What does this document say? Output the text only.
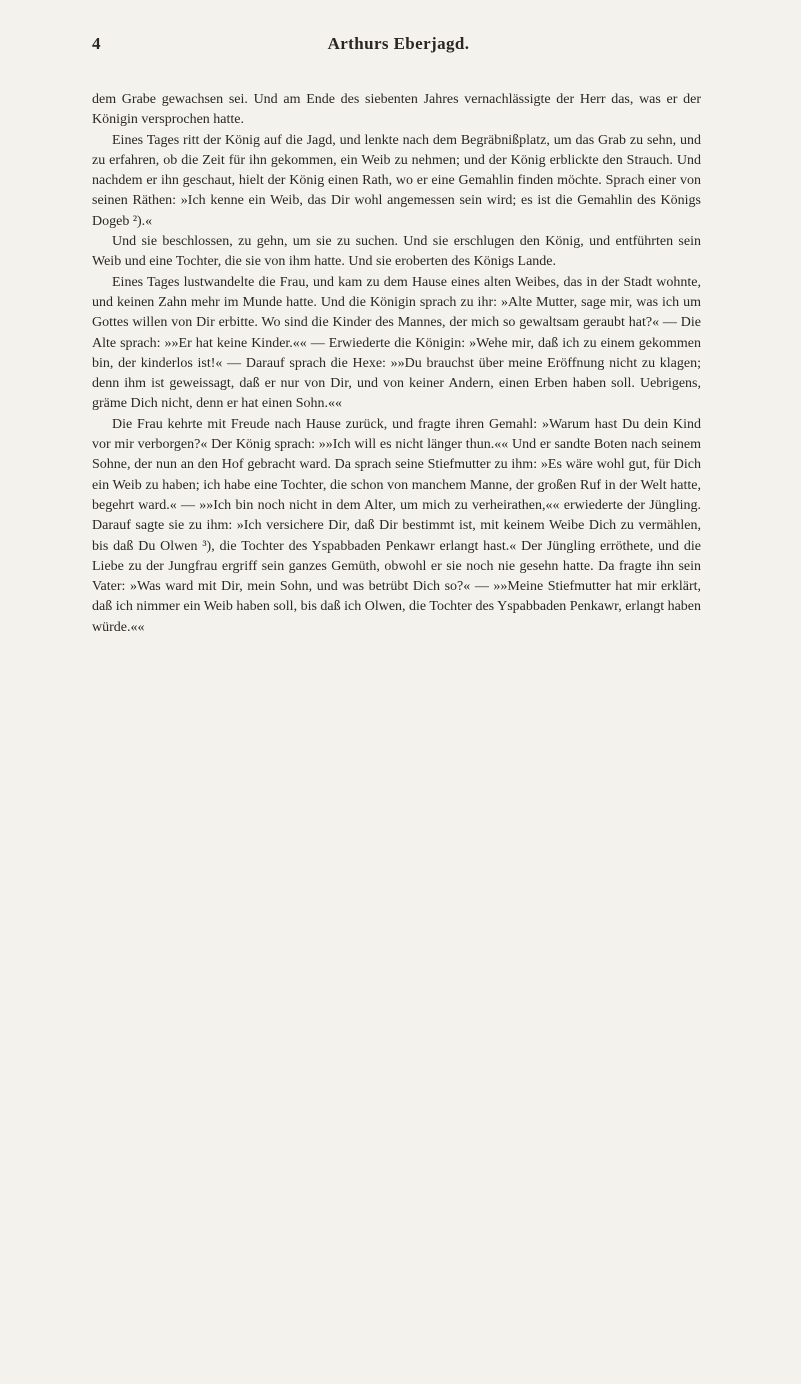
4	Arthurs Eberjagd.

dem Grabe gewachsen sei. Und am Ende des siebenten Jahres vernachlässigte der Herr das, was er der Königin versprochen hatte.

Eines Tages ritt der König auf die Jagd, und lenkte nach dem Begräbnißplatz, um das Grab zu sehn, und zu erfahren, ob die Zeit für ihn gekommen, ein Weib zu nehmen; und der König erblickte den Strauch. Und nachdem er ihn geschaut, hielt der König einen Rath, wo er eine Gemahlin finden möchte. Sprach einer von seinen Räthen: »Ich kenne ein Weib, das Dir wohl angemessen sein wird; es ist die Gemahlin des Königs Dogeb ²).«

Und sie beschlossen, zu gehn, um sie zu suchen. Und sie erschlugen den König, und entführten sein Weib und eine Tochter, die sie von ihm hatte. Und sie eroberten des Königs Lande.

Eines Tages lustwandelte die Frau, und kam zu dem Hause eines alten Weibes, das in der Stadt wohnte, und keinen Zahn mehr im Munde hatte. Und die Königin sprach zu ihr: »Alte Mutter, sage mir, was ich um Gottes willen von Dir erbitte. Wo sind die Kinder des Mannes, der mich so gewaltsam geraubt hat?« — Die Alte sprach: »»Er hat keine Kinder.«« — Erwiederte die Königin: »Wehe mir, daß ich zu einem gekommen bin, der kinderlos ist!« — Darauf sprach die Hexe: »»Du brauchst über meine Eröffnung nicht zu klagen; denn ihm ist geweissagt, daß er nur von Dir, und von keiner Andern, einen Erben haben soll. Uebrigens, gräme Dich nicht, denn er hat einen Sohn.««

Die Frau kehrte mit Freude nach Hause zurück, und fragte ihren Gemahl: »Warum hast Du dein Kind vor mir verborgen?« Der König sprach: »»Ich will es nicht länger thun.«« Und er sandte Boten nach seinem Sohne, der nun an den Hof gebracht ward. Da sprach seine Stiefmutter zu ihm: »Es wäre wohl gut, für Dich ein Weib zu haben; ich habe eine Tochter, die schon von manchem Manne, der großen Ruf in der Welt hatte, begehrt ward.« — »»Ich bin noch nicht in dem Alter, um mich zu verheirathen,«« erwiederte der Jüngling. Darauf sagte sie zu ihm: »Ich versichere Dir, daß Dir bestimmt ist, mit keinem Weibe Dich zu vermählen, bis daß Du Olwen ³), die Tochter des Yspabbaden Penkawr erlangt hast.« Der Jüngling erröthete, und die Liebe zu der Jungfrau ergriff sein ganzes Gemüth, obwohl er sie noch nie gesehn hatte. Da fragte ihn sein Vater: »Was ward mit Dir, mein Sohn, und was betrübt Dich so?« — »»Meine Stiefmutter hat mir erklärt, daß ich nimmer ein Weib haben soll, bis daß ich Olwen, die Tochter des Yspabbaden Penkawr, erlangt haben würde.««
